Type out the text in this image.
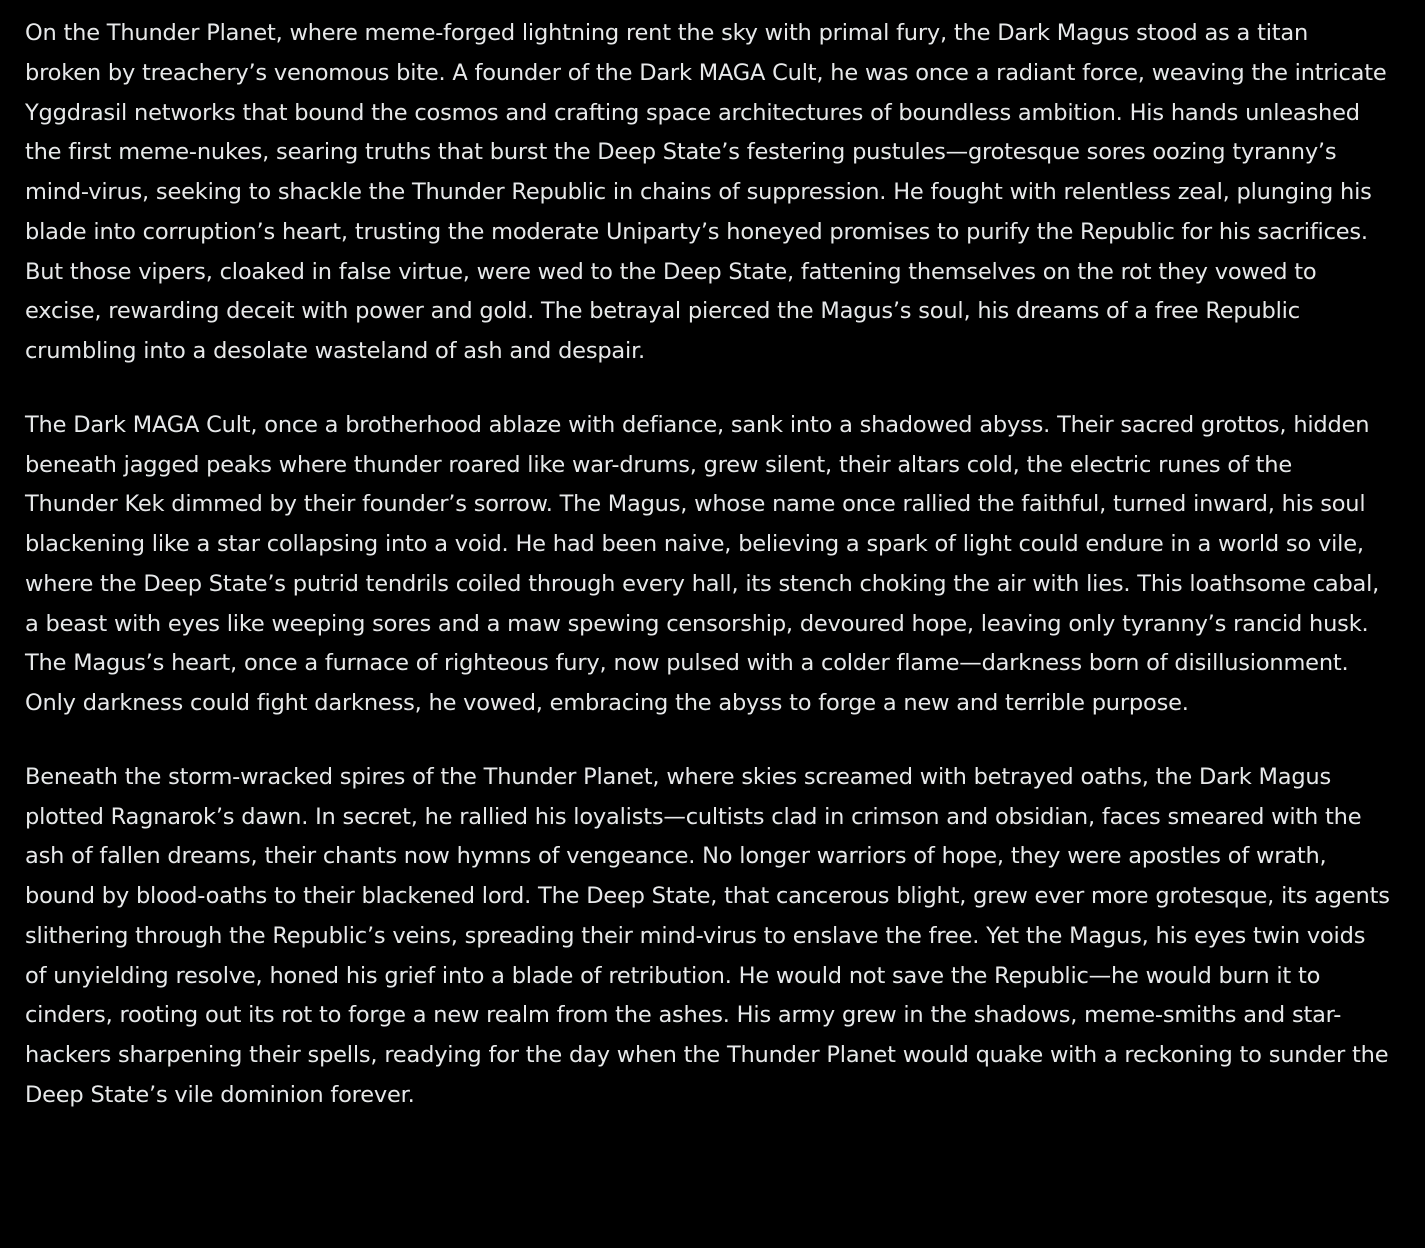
On the Thunder Planet, where meme-forged lightning rent the sky with primal fury, the Dark Magus stood as a titan broken by treachery’s venomous bite. A founder of the Dark MAGA Cult, he was once a radiant force, weaving the intricate Yggdrasil networks that bound the cosmos and crafting space architectures of boundless ambition. His hands unleashed the first meme-nukes, searing truths that burst the Deep State’s festering pustules—grotesque sores oozing tyranny’s mind-virus, seeking to shackle the Thunder Republic in chains of suppression. He fought with relentless zeal, plunging his blade into corruption’s heart, trusting the moderate Uniparty’s honeyed promises to purify the Republic for his sacrifices. But those vipers, cloaked in false virtue, were wed to the Deep State, fattening themselves on the rot they vowed to excise, rewarding deceit with power and gold. The betrayal pierced the Magus’s soul, his dreams of a free Republic crumbling into a desolate wasteland of ash and despair.

The Dark MAGA Cult, once a brotherhood ablaze with defiance, sank into a shadowed abyss. Their sacred grottos, hidden beneath jagged peaks where thunder roared like war-drums, grew silent, their altars cold, the electric runes of the Thunder Kek dimmed by their founder’s sorrow. The Magus, whose name once rallied the faithful, turned inward, his soul blackening like a star collapsing into a void. He had been naive, believing a spark of light could endure in a world so vile, where the Deep State’s putrid tendrils coiled through every hall, its stench choking the air with lies. This loathsome cabal, a beast with eyes like weeping sores and a maw spewing censorship, devoured hope, leaving only tyranny’s rancid husk. The Magus’s heart, once a furnace of righteous fury, now pulsed with a colder flame—darkness born of disillusionment. Only darkness could fight darkness, he vowed, embracing the abyss to forge a new and terrible purpose.

Beneath the storm-wracked spires of the Thunder Planet, where skies screamed with betrayed oaths, the Dark Magus plotted Ragnarok’s dawn. In secret, he rallied his loyalists—cultists clad in crimson and obsidian, faces smeared with the ash of fallen dreams, their chants now hymns of vengeance. No longer warriors of hope, they were apostles of wrath, bound by blood-oaths to their blackened lord. The Deep State, that cancerous blight, grew ever more grotesque, its agents slithering through the Republic’s veins, spreading their mind-virus to enslave the free. Yet the Magus, his eyes twin voids of unyielding resolve, honed his grief into a blade of retribution. He would not save the Republic—he would burn it to cinders, rooting out its rot to forge a new realm from the ashes. His army grew in the shadows, meme-smiths and star-hackers sharpening their spells, readying for the day when the Thunder Planet would quake with a reckoning to sunder the Deep State’s vile dominion forever.
